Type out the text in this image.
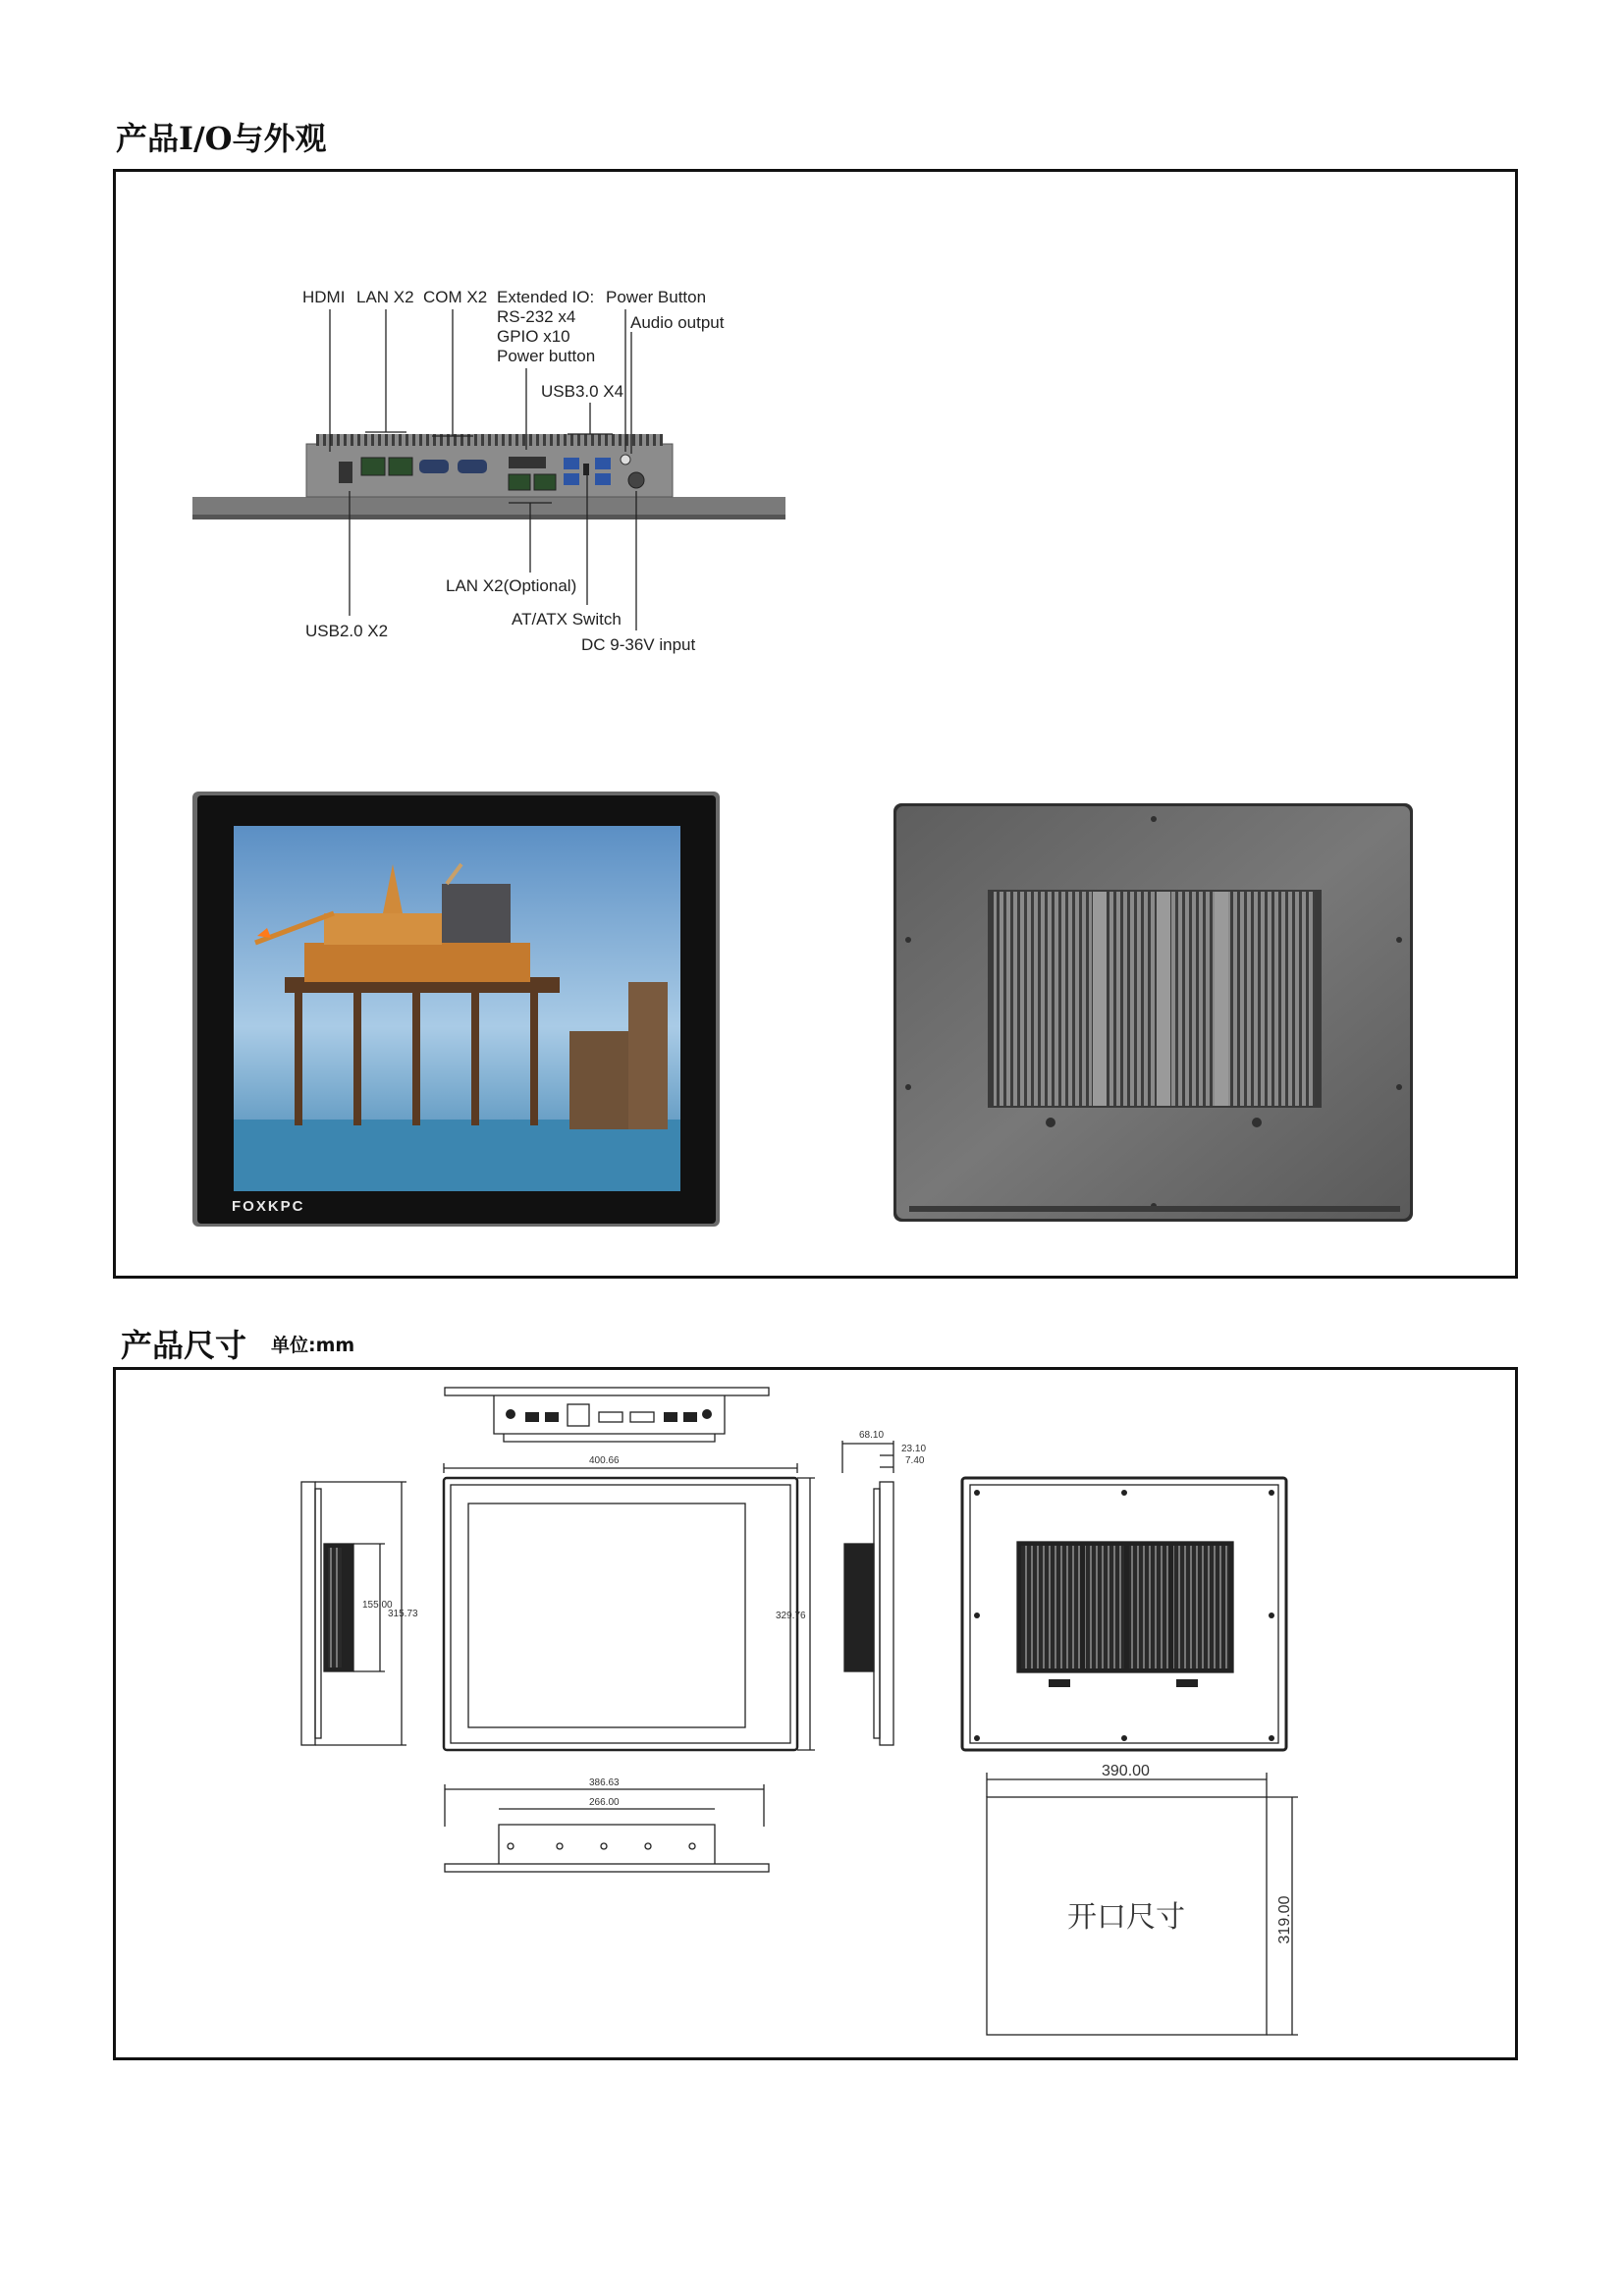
产品I/O与外观
HDMI LAN X2 COM X2 Extended IO:
RS-232 x4
GPIO x10
Power button
Power Button
Audio output
USB3.0 X4
LAN X2(Optional)
USB2.0 X2
AT/ATX Switch
DC 9-36V input
FOXKPC
400.66
329.76
315.73
155.00
68.10
23.10
7.40
386.63
266.00
390.00
319.00
开口尺寸
产品尺寸 单位:mm
